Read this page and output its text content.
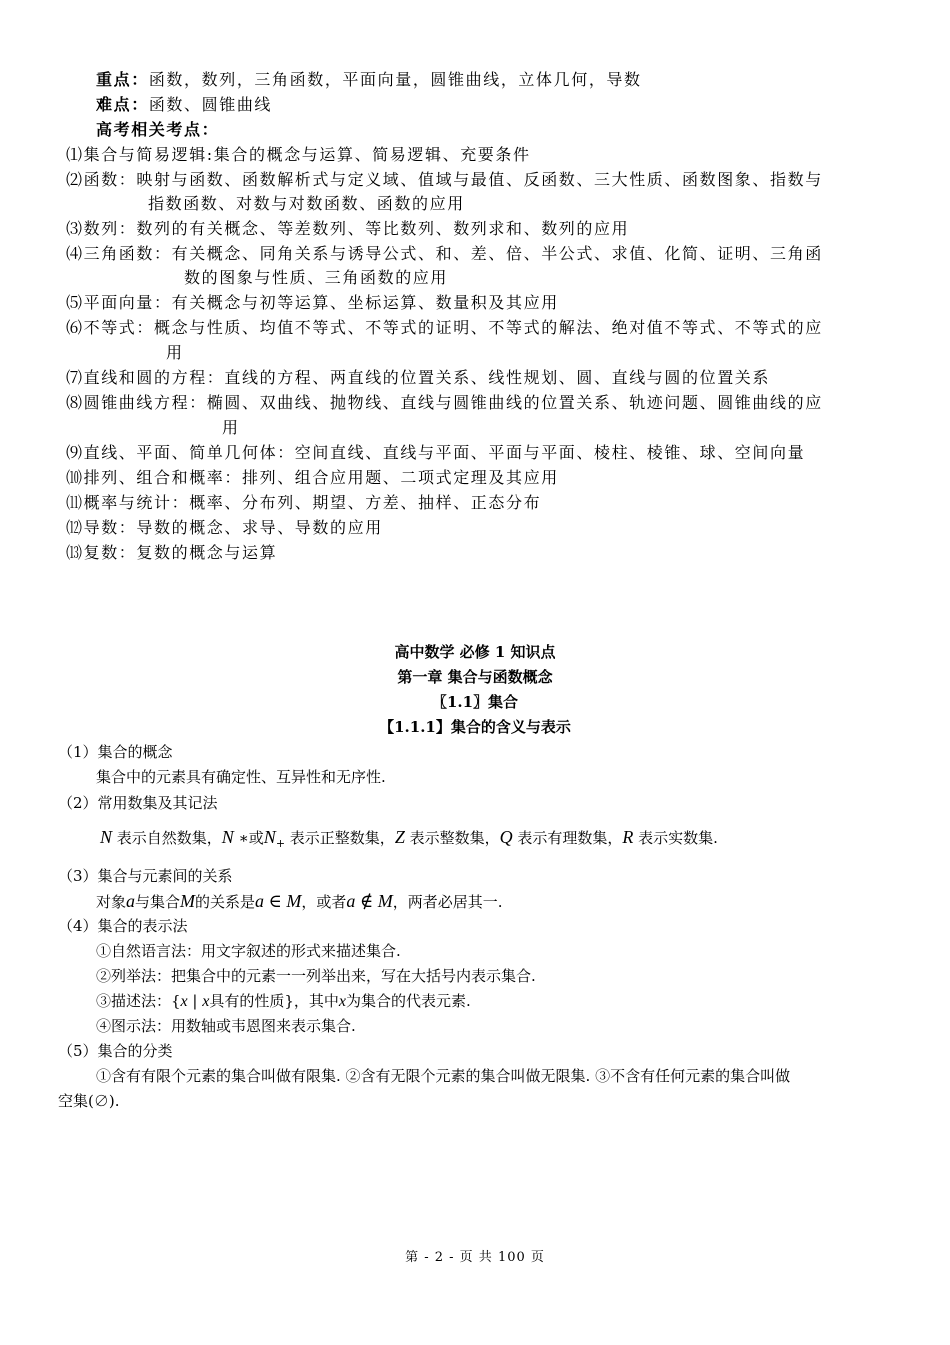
重点：函数，数列，三角函数，平面向量，圆锥曲线，立体几何，导数
难点：函数、圆锥曲线
高考相关考点：
⑴集合与简易逻辑:集合的概念与运算、简易逻辑、充要条件
⑵函数：映射与函数、函数解析式与定义域、值域与最值、反函数、三大性质、函数图象、指数与
指数函数、对数与对数函数、函数的应用
⑶数列：数列的有关概念、等差数列、等比数列、数列求和、数列的应用
⑷三角函数：有关概念、同角关系与诱导公式、和、差、倍、半公式、求值、化简、证明、三角函
数的图象与性质、三角函数的应用
⑸平面向量：有关概念与初等运算、坐标运算、数量积及其应用
⑹不等式：概念与性质、均值不等式、不等式的证明、不等式的解法、绝对值不等式、不等式的应
用
⑺直线和圆的方程：直线的方程、两直线的位置关系、线性规划、圆、直线与圆的位置关系
⑻圆锥曲线方程：椭圆、双曲线、抛物线、直线与圆锥曲线的位置关系、轨迹问题、圆锥曲线的应
用
⑼直线、平面、简单几何体：空间直线、直线与平面、平面与平面、棱柱、棱锥、球、空间向量
⑽排列、组合和概率：排列、组合应用题、二项式定理及其应用
⑾概率与统计：概率、分布列、期望、方差、抽样、正态分布
⑿导数：导数的概念、求导、导数的应用
⒀复数：复数的概念与运算
高中数学 必修 1 知识点
第一章 集合与函数概念
〖1.1〗集合
【1.1.1】集合的含义与表示
（1）集合的概念
集合中的元素具有确定性、互异性和无序性.
（2）常用数集及其记法
N 表示自然数集，N ∗或$N_+$ 表示正整数集，Z 表示整数集，Q 表示有理数集，R 表示实数集.
（3）集合与元素间的关系
对象a与集合M的关系是a ∈ M，或者a ∉ M，两者必居其一.
（4）集合的表示法
①自然语言法：用文字叙述的形式来描述集合.
②列举法：把集合中的元素一一列举出来，写在大括号内表示集合.
③描述法：{x | x具有的性质}，其中x为集合的代表元素.
④图示法：用数轴或韦恩图来表示集合.
（5）集合的分类
①含有有限个元素的集合叫做有限集. ②含有无限个元素的集合叫做无限集. ③不含有任何元素的集合叫做
空集(∅).
第 - 2 - 页 共 100 页
